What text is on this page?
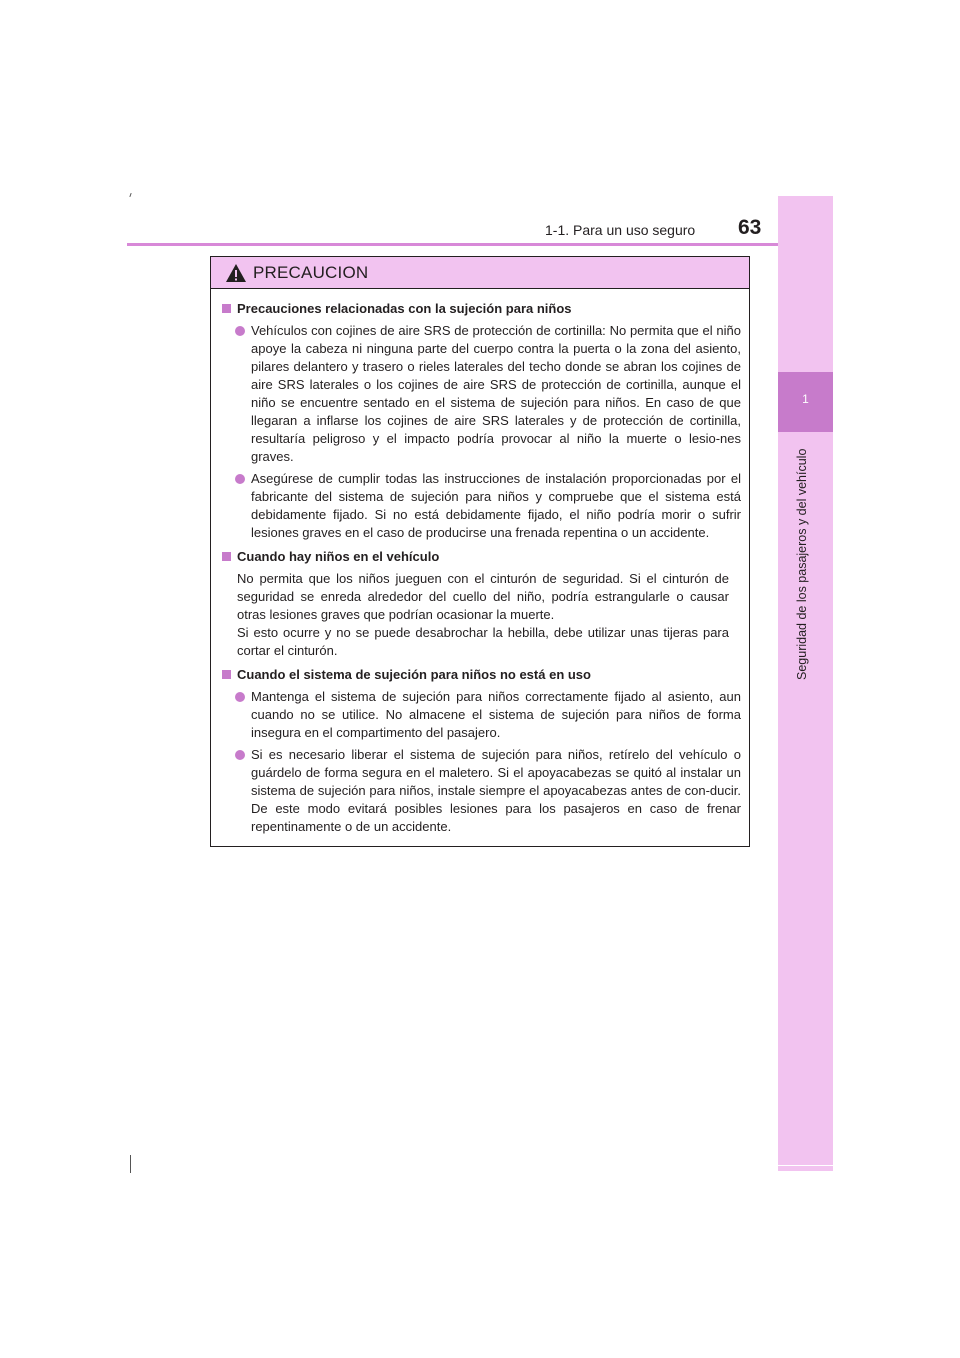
1-1. Para un uso seguro 63
1
Seguridad de los pasajeros y del vehículo
PRECAUCION
Precauciones relacionadas con la sujeción para niños
Vehículos con cojines de aire SRS de protección de cortinilla: No permita que el niño apoye la cabeza ni ninguna parte del cuerpo contra la puerta o la zona del asiento, pilares delantero y trasero o rieles laterales del techo donde se abran los cojines de aire SRS laterales o los cojines de aire SRS de protección de cortinilla, aunque el niño se encuentre sentado en el sistema de sujeción para niños. En caso de que llegaran a inflarse los cojines de aire SRS laterales y de protección de cortinilla, resultaría peligroso y el impacto podría provocar al niño la muerte o lesio-nes graves.
Asegúrese de cumplir todas las instrucciones de instalación proporcionadas por el fabricante del sistema de sujeción para niños y compruebe que el sistema está debidamente fijado. Si no está debidamente fijado, el niño podría morir o sufrir lesiones graves en el caso de producirse una frenada repentina o un accidente.
Cuando hay niños en el vehículo
No permita que los niños jueguen con el cinturón de seguridad. Si el cinturón de seguridad se enreda alrededor del cuello del niño, podría estrangularle o causar otras lesiones graves que podrían ocasionar la muerte.
Si esto ocurre y no se puede desabrochar la hebilla, debe utilizar unas tijeras para cortar el cinturón.
Cuando el sistema de sujeción para niños no está en uso
Mantenga el sistema de sujeción para niños correctamente fijado al asiento, aun cuando no se utilice. No almacene el sistema de sujeción para niños de forma insegura en el compartimento del pasajero.
Si es necesario liberar el sistema de sujeción para niños, retírelo del vehículo o guárdelo de forma segura en el maletero. Si el apoyacabezas se quitó al instalar un sistema de sujeción para niños, instale siempre el apoyacabezas antes de con-ducir. De este modo evitará posibles lesiones para los pasajeros en caso de frenar repentinamente o de un accidente.
